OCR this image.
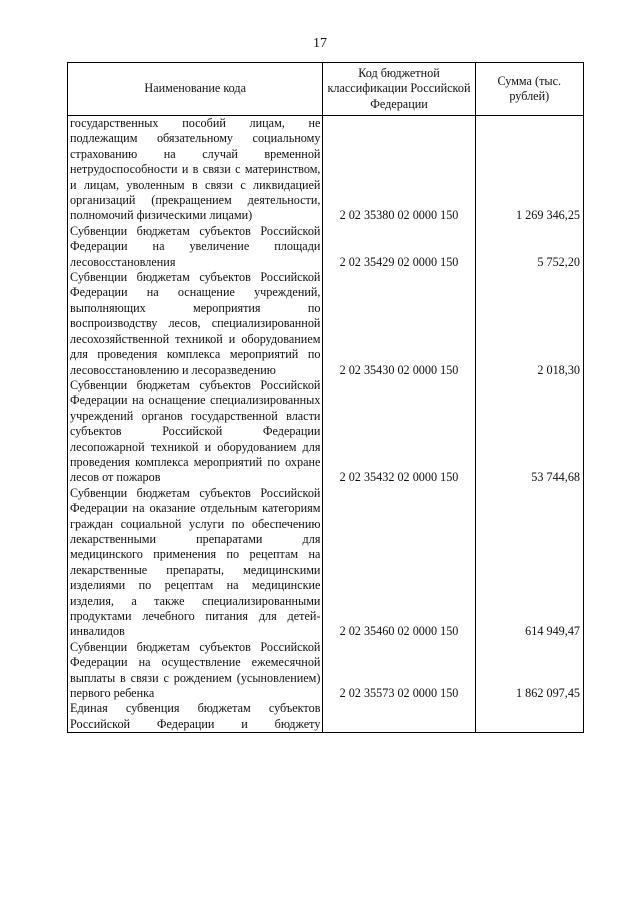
17
Наименование кода	Код бюджетной классификации Российской Федерации	Сумма (тыс. рублей)
государственных пособий лицам, не подлежащим обязательному социальному страхованию на случай временной нетрудоспособности и в связи с материнством, и лицам, уволенным в связи с ликвидацией организаций (прекращением деятельности, полномочий физическими лицами)	2 02 35380 02 0000 150	1 269 346,25
Субвенции бюджетам субъектов Российской Федерации на увеличение площади лесовосстановления	2 02 35429 02 0000 150	5 752,20
Субвенции бюджетам субъектов Российской Федерации на оснащение учреждений, выполняющих мероприятия по воспроизводству лесов, специализированной лесохозяйственной техникой и оборудованием для проведения комплекса мероприятий по лесовосстановлению и лесоразведению	2 02 35430 02 0000 150	2 018,30
Субвенции бюджетам субъектов Российской Федерации на оснащение специализированных учреждений органов государственной власти субъектов Российской Федерации лесопожарной техникой и оборудованием для проведения комплекса мероприятий по охране лесов от пожаров	2 02 35432 02 0000 150	53 744,68
Субвенции бюджетам субъектов Российской Федерации на оказание отдельным категориям граждан социальной услуги по обеспечению лекарственными препаратами для медицинского применения по рецептам на лекарственные препараты, медицинскими изделиями по рецептам на медицинские изделия, а также специализированными продуктами лечебного питания для детей-инвалидов	2 02 35460 02 0000 150	614 949,47
Субвенции бюджетам субъектов Российской Федерации на осуществление ежемесячной выплаты в связи с рождением (усыновлением) первого ребенка	2 02 35573 02 0000 150	1 862 097,45
Единая субвенция бюджетам субъектов Российской Федерации и бюджету		
